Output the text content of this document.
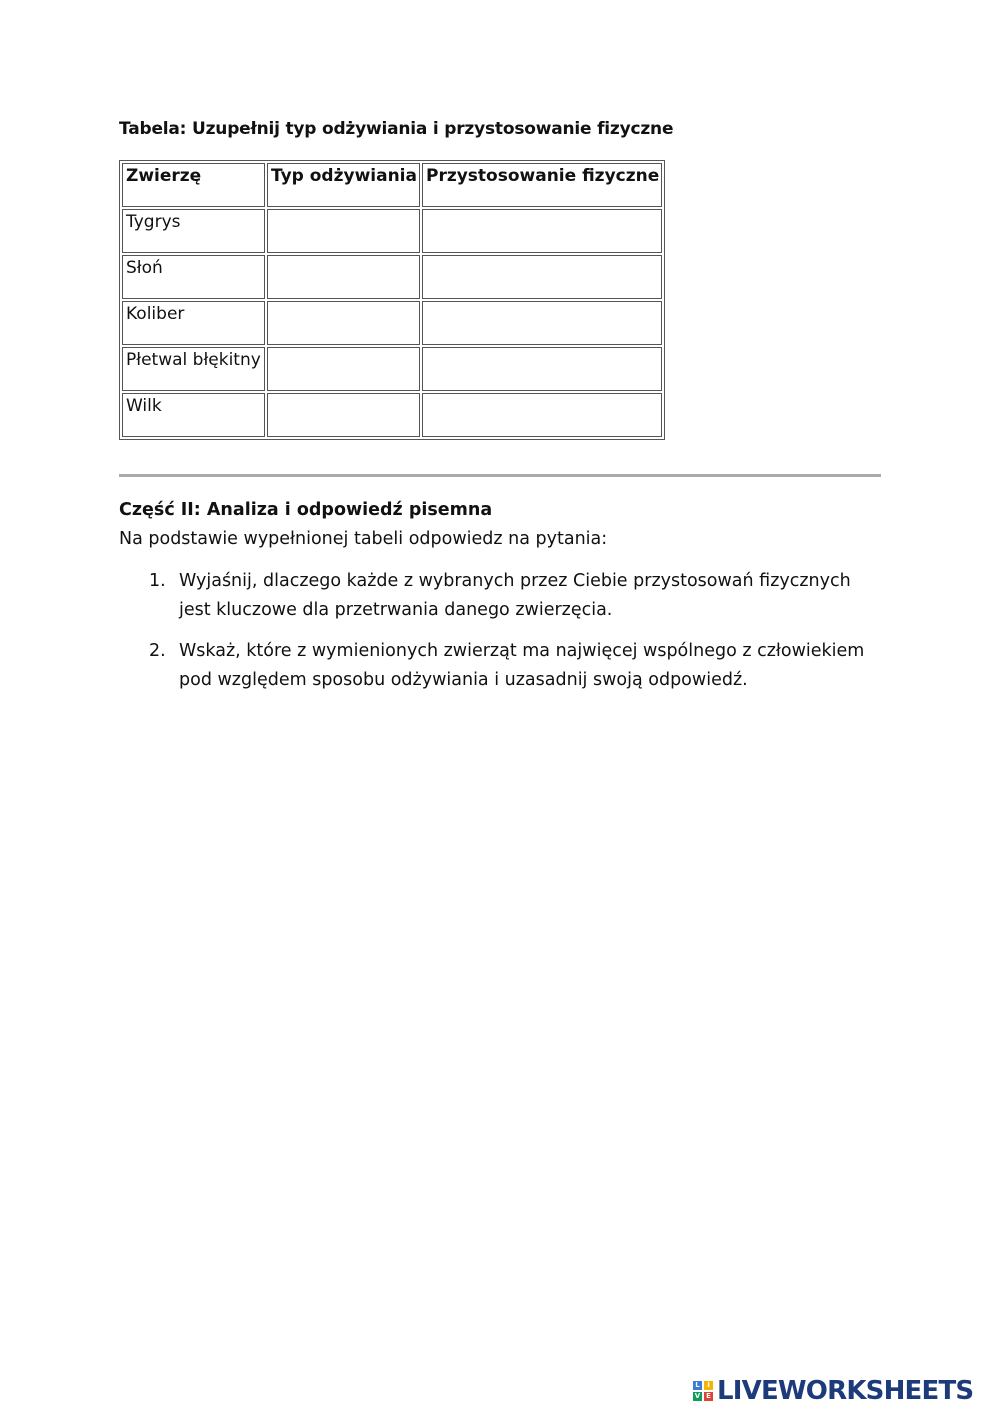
Tabela: Uzupełnij typ odżywiania i przystosowanie fizyczne
Zwierzę	Typ odżywiania	Przystosowanie fizyczne
Tygrys		
Słoń		
Koliber		
Płetwal błękitny		
Wilk		
Część II: Analiza i odpowiedź pisemna
Na podstawie wypełnionej tabeli odpowiedz na pytania:
1. Wyjaśnij, dlaczego każde z wybranych przez Ciebie przystosowań fizycznych jest kluczowe dla przetrwania danego zwierzęcia.
2. Wskaż, które z wymienionych zwierząt ma najwięcej wspólnego z człowiekiem pod względem sposobu odżywiania i uzasadnij swoją odpowiedź.
L	I
V E LIVEWORKSHEETS
